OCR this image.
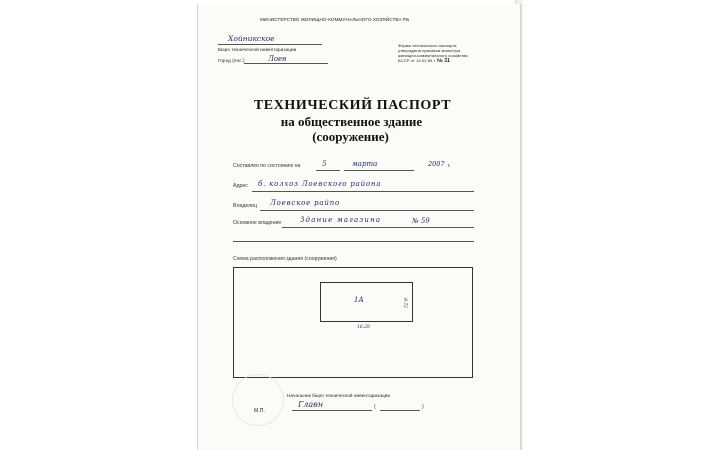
МИНИСТЕРСТВО ЖИЛИЩНО-КОММУНАЛЬНОГО ХОЗЯЙСТВА РБ
Хойникское
Бюро технической инвентаризации
Город (пос.)	Лоев
Форма технического паспорта
утверждена приказом министра
жилищно-коммунального хозяйства
БССР от 13.02.89 г. № 31
ТЕХНИЧЕСКИЙ ПАСПОРТ
на общественное здание
(сооружение)
Составлен по состоянию на	5	марта	2007 г.
Адрес б. колхоз Лоевского района
Владелец Лоевское райпо
Основное владение	Здание магазина	№ 59
Схема расположения здания (сооружения)
1А
16.28
9.72
М.П.
Начальник бюро технической инвентаризации
Главн	(	)
